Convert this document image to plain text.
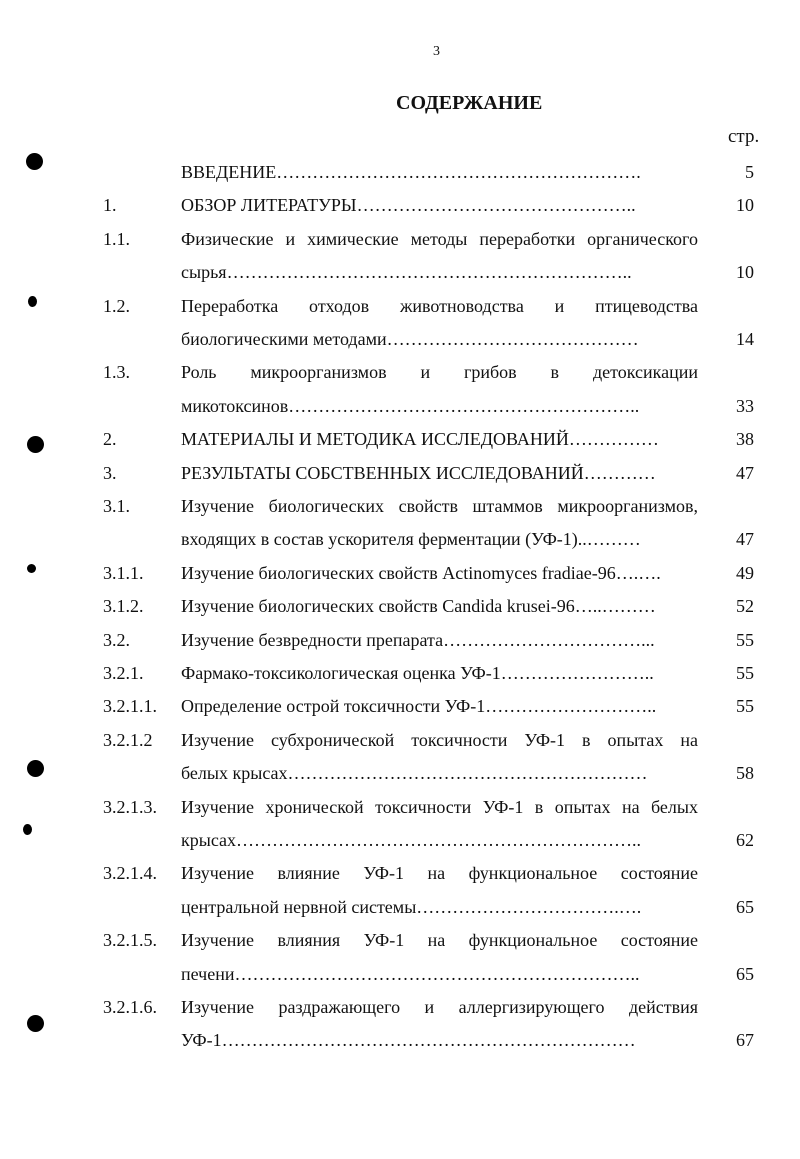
3
СОДЕРЖАНИЕ
стр.
ВВЕДЕНИЕ…………………………………………………….	5
1.	ОБЗОР ЛИТЕРАТУРЫ………………………………………..	10
1.1.	Физические и химические методы переработки органического
сырья…………………………………………………………..	10
1.2.	Переработка отходов животноводства и птицеводства
биологическими методами……………………………………	14
1.3.	Роль микроорганизмов и грибов в детоксикации
микотоксинов…………………………………………………..	33
2.	МАТЕРИАЛЫ И МЕТОДИКА ИССЛЕДОВАНИЙ……………	38
3.	РЕЗУЛЬТАТЫ СОБСТВЕННЫХ ИССЛЕДОВАНИЙ…………	47
3.1.	Изучение биологических свойств штаммов микроорганизмов,
входящих в состав ускорителя ферментации (УФ-1)..………	47
3.1.1. Изучение биологических свойств Actinomyces fradiae-96….….	49
3.1.2. Изучение биологических свойств Candida krusei-96…..………	52
3.2.	Изучение безвредности препарата……………………………...	55
3.2.1. Фармако-токсикологическая оценка УФ-1……………………..	55
3.2.1.1. Определение острой токсичности УФ-1………………………..	55
3.2.1.2 Изучение субхронической токсичности УФ-1 в опытах на
белых крысах……………………………………………………	58
3.2.1.3. Изучение хронической токсичности УФ-1 в опытах на белых
крысах…………………………………………………………..	62
3.2.1.4. Изучение влияние УФ-1 на функциональное состояние
центральной нервной системы…………………………….….	65
3.2.1.5. Изучение влияния УФ-1 на функциональное состояние
печени…………………………………………………………..	65
3.2.1.6. Изучение раздражающего и аллергизирующего действия
УФ-1……………………………………………………………	67
